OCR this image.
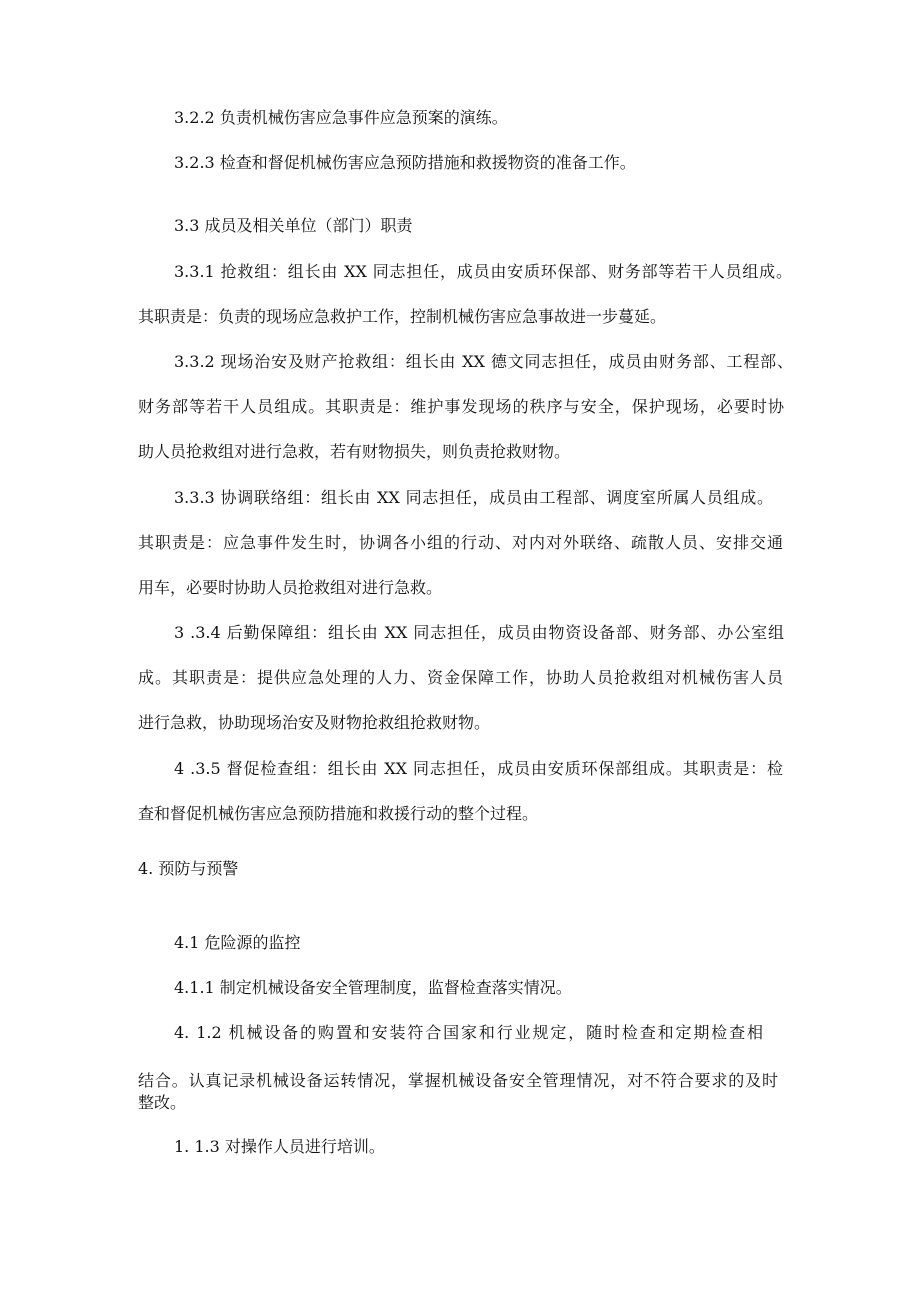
3.2.2 负责机械伤害应急事件应急预案的演练。
3.2.3 检查和督促机械伤害应急预防措施和救援物资的准备工作。
3.3 成员及相关单位（部门）职责
3.3.1 抢救组：组长由 XX 同志担任，成员由安质环保部、财务部等若干人员组成。
其职责是：负责的现场应急救护工作，控制机械伤害应急事故进一步蔓延。
3.3.2 现场治安及财产抢救组：组长由 XX 德文同志担任，成员由财务部、工程部、
财务部等若干人员组成。其职责是：维护事发现场的秩序与安全，保护现场，必要时协
助人员抢救组对进行急救，若有财物损失，则负责抢救财物。
3.3.3 协调联络组：组长由 XX 同志担任，成员由工程部、调度室所属人员组成。
其职责是：应急事件发生时，协调各小组的行动、对内对外联络、疏散人员、安排交通
用车，必要时协助人员抢救组对进行急救。
3 .3.4 后勤保障组：组长由 XX 同志担任，成员由物资设备部、财务部、办公室组
成。其职责是：提供应急处理的人力、资金保障工作，协助人员抢救组对机械伤害人员
进行急救，协助现场治安及财物抢救组抢救财物。
4 .3.5 督促检查组：组长由 XX 同志担任，成员由安质环保部组成。其职责是：检
查和督促机械伤害应急预防措施和救援行动的整个过程。
4. 预防与预警
4.1 危险源的监控
4.1.1 制定机械设备安全管理制度，监督检查落实情况。
4. 1.2 机械设备的购置和安装符合国家和行业规定，随时检查和定期检查相
结合。认真记录机械设备运转情况，掌握机械设备安全管理情况，对不符合要求的及时
整改。
1. 1.3 对操作人员进行培训。
